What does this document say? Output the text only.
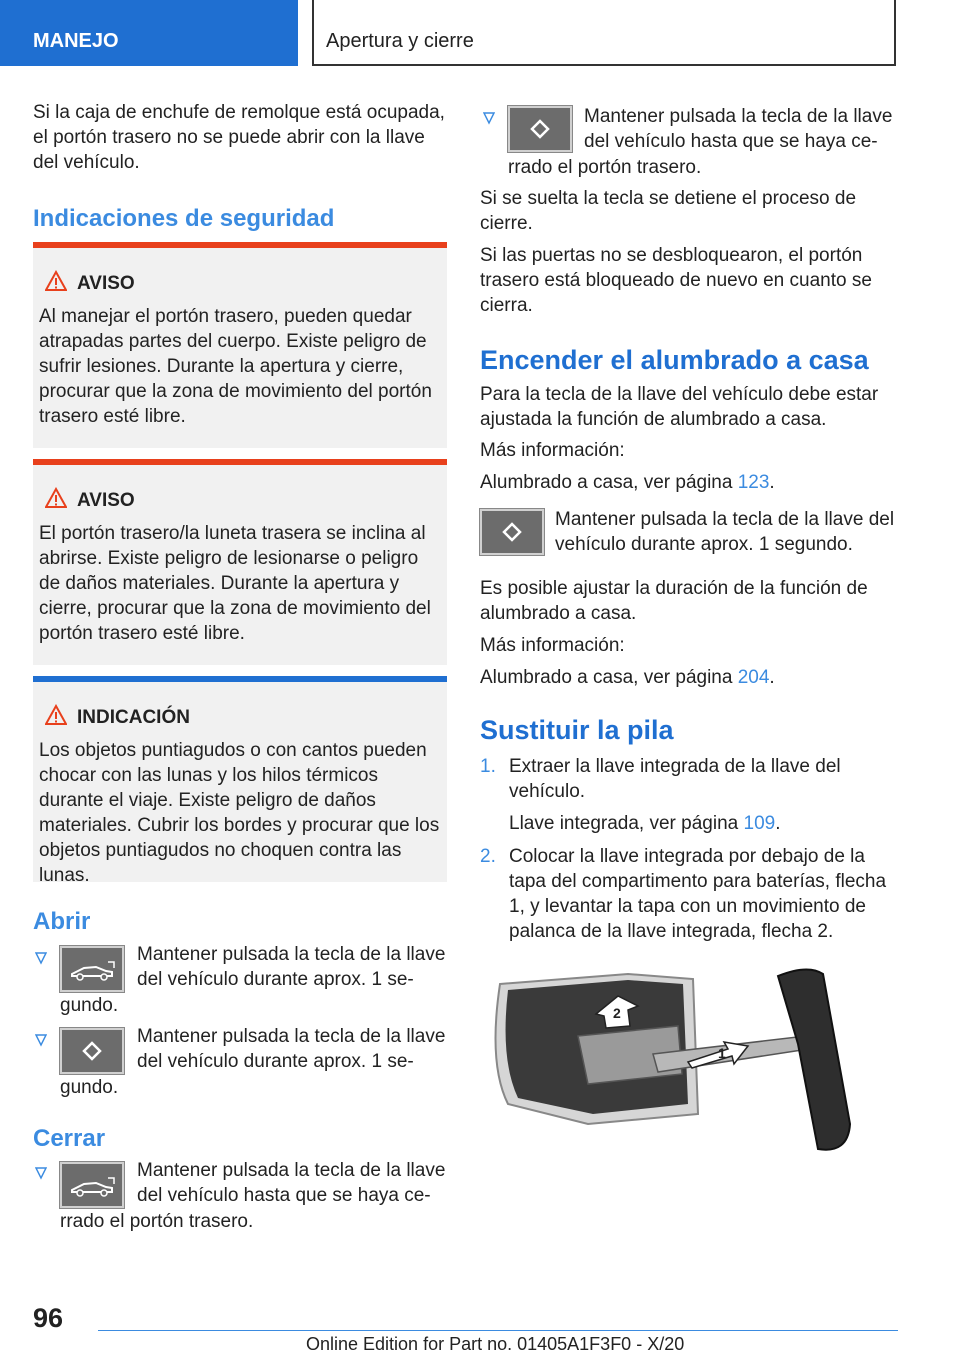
MANEJO	Apertura y cierre
Si la caja de enchufe de remolque está ocupada, el portón trasero no se puede abrir con la llave del vehículo.
Indicaciones de seguridad
AVISO
Al manejar el portón trasero, pueden quedar atrapadas partes del cuerpo. Existe peligro de sufrir lesiones. Durante la apertura y cierre, procurar que la zona de movimiento del portón trasero esté libre.
AVISO
El portón trasero/la luneta trasera se inclina al abrirse. Existe peligro de lesionarse o peligro de daños materiales. Durante la apertura y cierre, procurar que la zona de movimiento del portón trasero esté libre.
INDICACIÓN
Los objetos puntiagudos o con cantos pueden chocar con las lunas y los hilos térmicos durante el viaje. Existe peligro de daños materiales. Cubrir los bordes y procurar que los objetos puntiagudos no choquen contra las lunas.
Abrir
Mantener pulsada la tecla de la llave
del vehículo durante aprox. 1 se-
gundo.
Mantener pulsada la tecla de la llave
del vehículo durante aprox. 1 se-
gundo.
Cerrar
Mantener pulsada la tecla de la llave
del vehículo hasta que se haya ce-
rrado el portón trasero.
Mantener pulsada la tecla de la llave
del vehículo hasta que se haya ce-
rrado el portón trasero.
Si se suelta la tecla se detiene el proceso de cierre.
Si las puertas no se desbloquearon, el portón trasero está bloqueado de nuevo en cuanto se cierra.
Encender el alumbrado a casa
Para la tecla de la llave del vehículo debe estar ajustada la función de alumbrado a casa.
Más información:
Alumbrado a casa, ver página 123.
Mantener pulsada la tecla de la llave del
vehículo durante aprox. 1 segundo.
Es posible ajustar la duración de la función de alumbrado a casa.
Más información:
Alumbrado a casa, ver página 204.
Sustituir la pila
1. Extraer la llave integrada de la llave del vehículo.
Llave integrada, ver página 109.
2. Colocar la llave integrada por debajo de la tapa del compartimento para baterías, flecha 1, y levantar la tapa con un movimiento de palanca de la llave integrada, flecha 2.
1
2
96
Online Edition for Part no. 01405A1F3F0 - X/20
